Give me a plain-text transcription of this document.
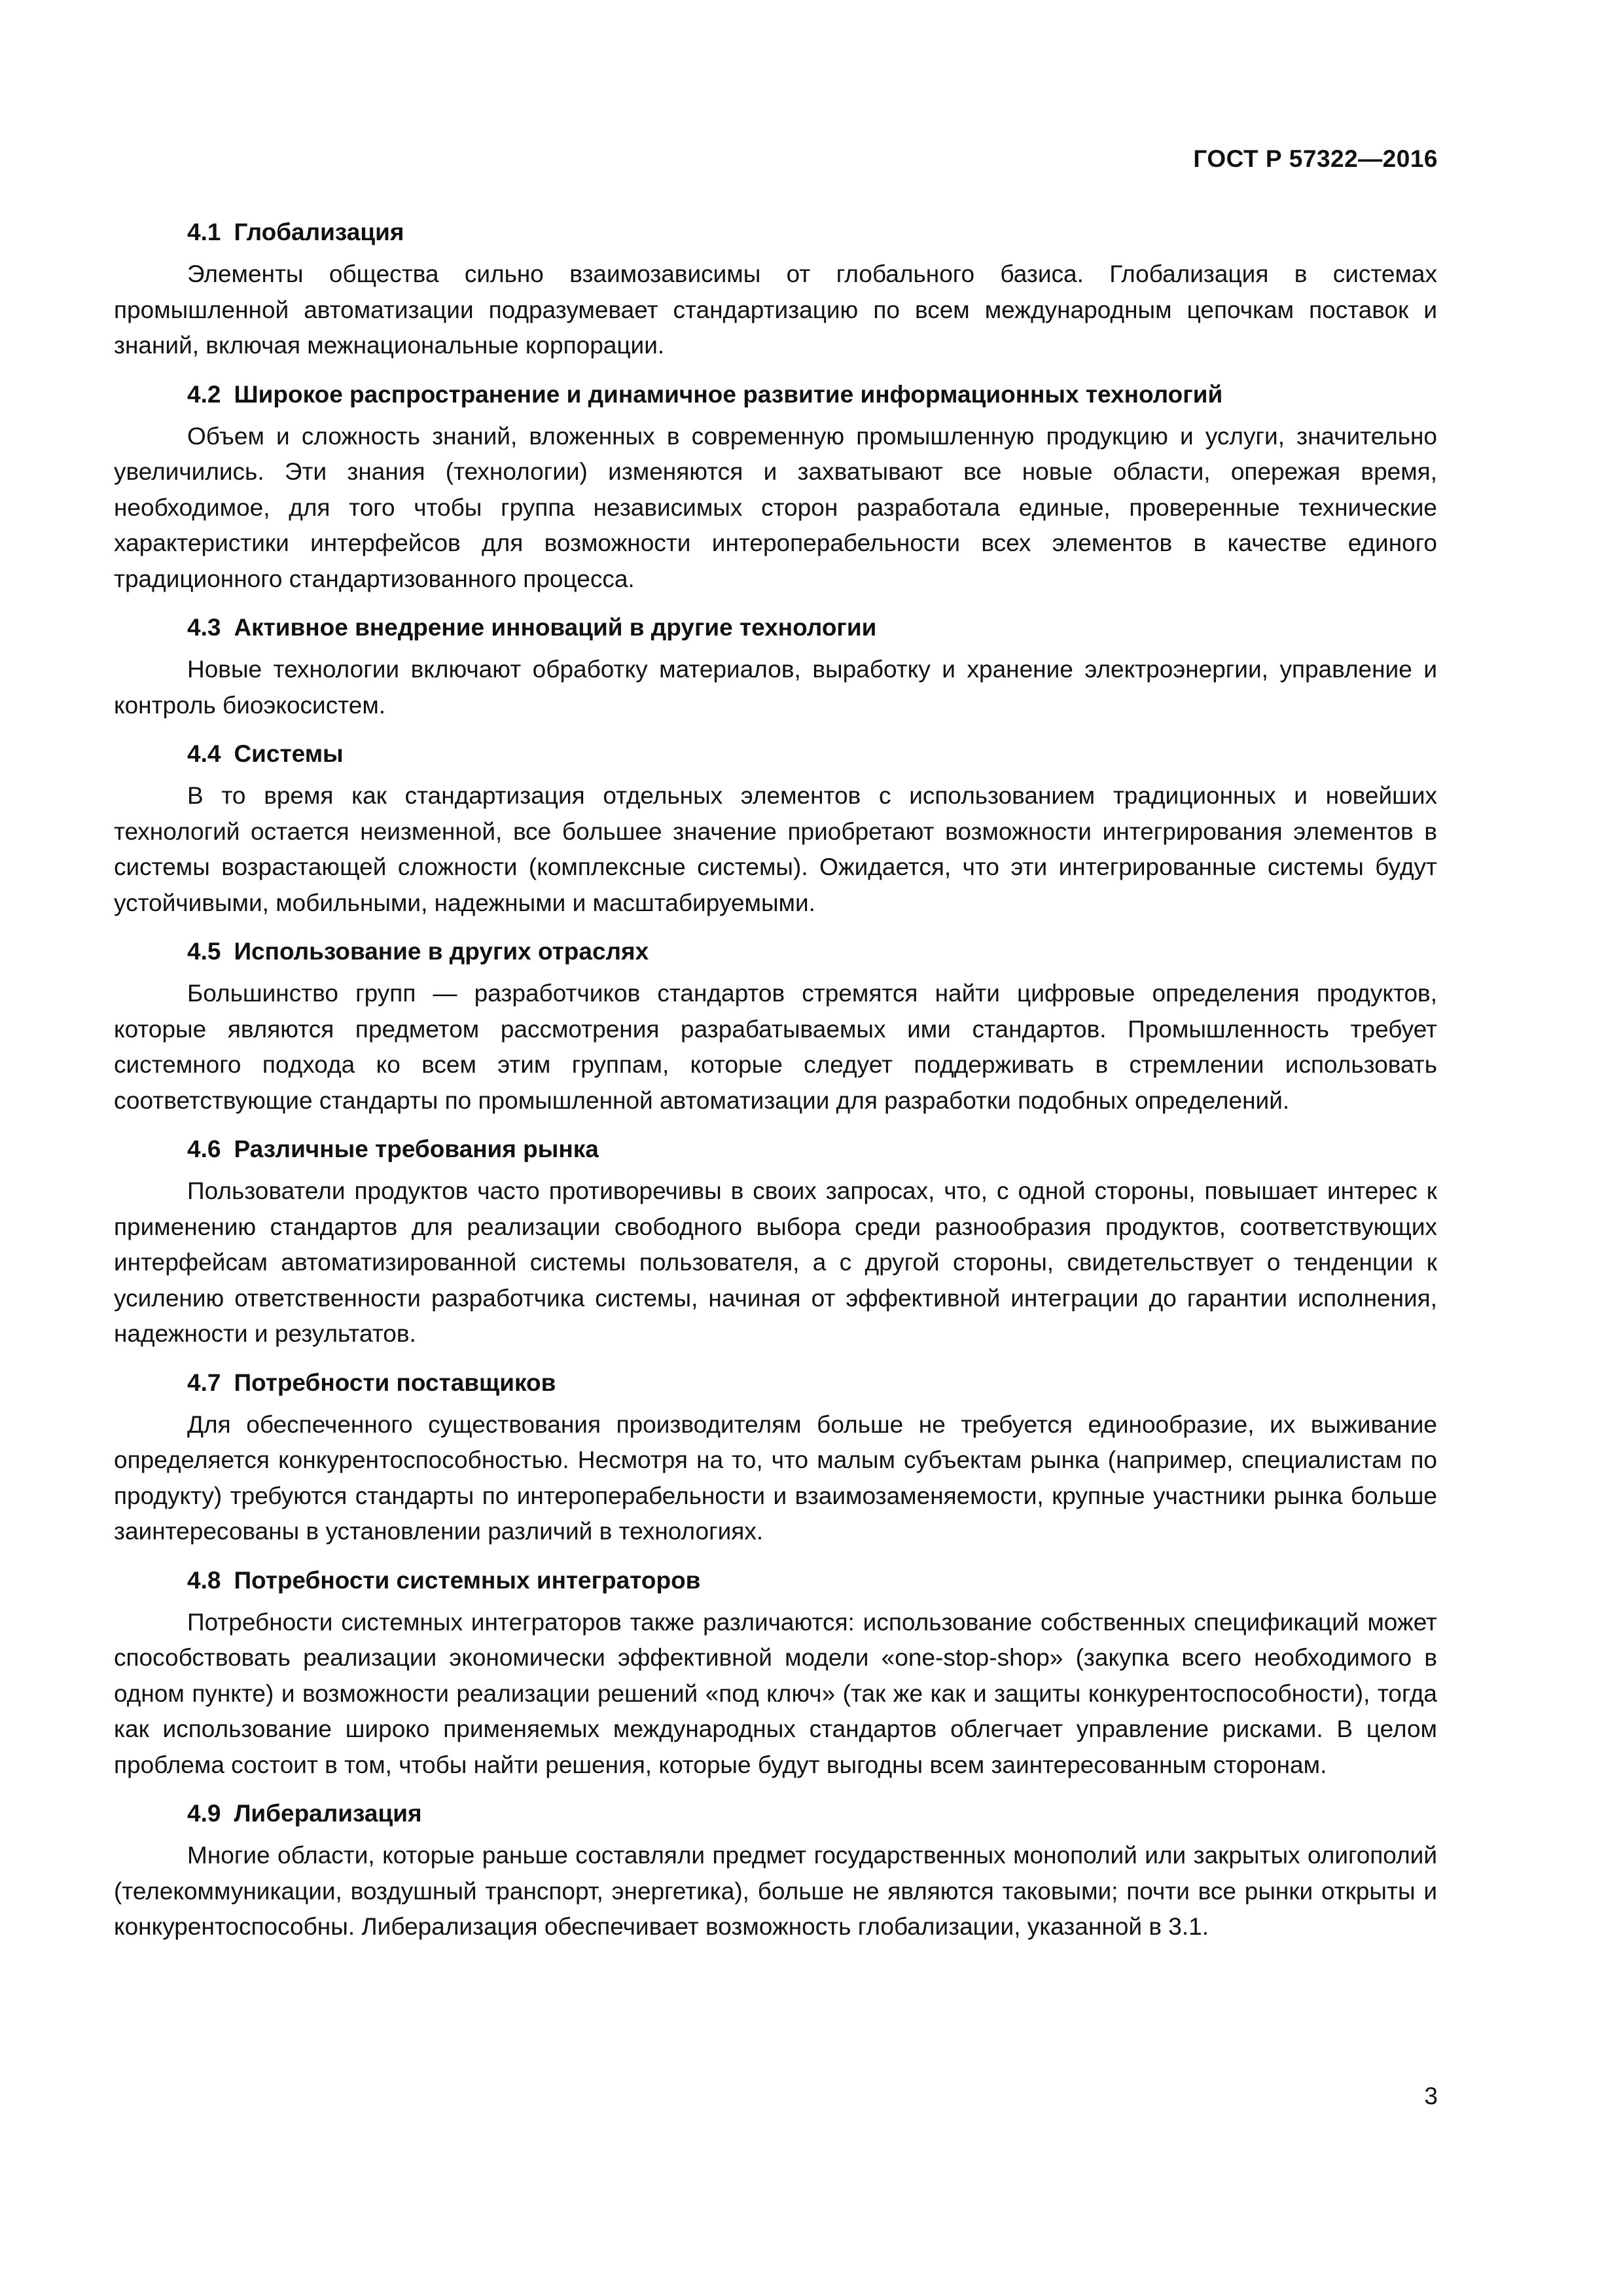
ГОСТ Р 57322—2016
4.1 Глобализация

Элементы общества сильно взаимозависимы от глобального базиса. Глобализация в системах промышленной автоматизации подразумевает стандартизацию по всем международным цепочкам поставок и знаний, включая межнациональные корпорации.

4.2 Широкое распространение и динамичное развитие информационных технологий

Объем и сложность знаний, вложенных в современную промышленную продукцию и услуги, значительно увеличились. Эти знания (технологии) изменяются и захватывают все новые области, опережая время, необходимое, для того чтобы группа независимых сторон разработала единые, проверенные технические характеристики интерфейсов для возможности интероперабельности всех элементов в качестве единого традиционного стандартизованного процесса.

4.3 Активное внедрение инноваций в другие технологии

Новые технологии включают обработку материалов, выработку и хранение электроэнергии, управление и контроль биоэкосистем.

4.4 Системы

В то время как стандартизация отдельных элементов с использованием традиционных и новейших технологий остается неизменной, все большее значение приобретают возможности интегрирования элементов в системы возрастающей сложности (комплексные системы). Ожидается, что эти интегрированные системы будут устойчивыми, мобильными, надежными и масштабируемыми.

4.5 Использование в других отраслях

Большинство групп — разработчиков стандартов стремятся найти цифровые определения продуктов, которые являются предметом рассмотрения разрабатываемых ими стандартов. Промышленность требует системного подхода ко всем этим группам, которые следует поддерживать в стремлении использовать соответствующие стандарты по промышленной автоматизации для разработки подобных определений.

4.6 Различные требования рынка

Пользователи продуктов часто противоречивы в своих запросах, что, с одной стороны, повышает интерес к применению стандартов для реализации свободного выбора среди разнообразия продуктов, соответствующих интерфейсам автоматизированной системы пользователя, а с другой стороны, свидетельствует о тенденции к усилению ответственности разработчика системы, начиная от эффективной интеграции до гарантии исполнения, надежности и результатов.

4.7 Потребности поставщиков

Для обеспеченного существования производителям больше не требуется единообразие, их выживание определяется конкурентоспособностью. Несмотря на то, что малым субъектам рынка (например, специалистам по продукту) требуются стандарты по интероперабельности и взаимозаменяемости, крупные участники рынка больше заинтересованы в установлении различий в технологиях.

4.8 Потребности системных интеграторов

Потребности системных интеграторов также различаются: использование собственных спецификаций может способствовать реализации экономически эффективной модели «one-stop-shop» (закупка всего необходимого в одном пункте) и возможности реализации решений «под ключ» (так же как и защиты конкурентоспособности), тогда как использование широко применяемых международных стандартов облегчает управление рисками. В целом проблема состоит в том, чтобы найти решения, которые будут выгодны всем заинтересованным сторонам.

4.9 Либерализация

Многие области, которые раньше составляли предмет государственных монополий или закрытых олигополий (телекоммуникации, воздушный транспорт, энергетика), больше не являются таковыми; почти все рынки открыты и конкурентоспособны. Либерализация обеспечивает возможность глобализации, указанной в 3.1.

3
